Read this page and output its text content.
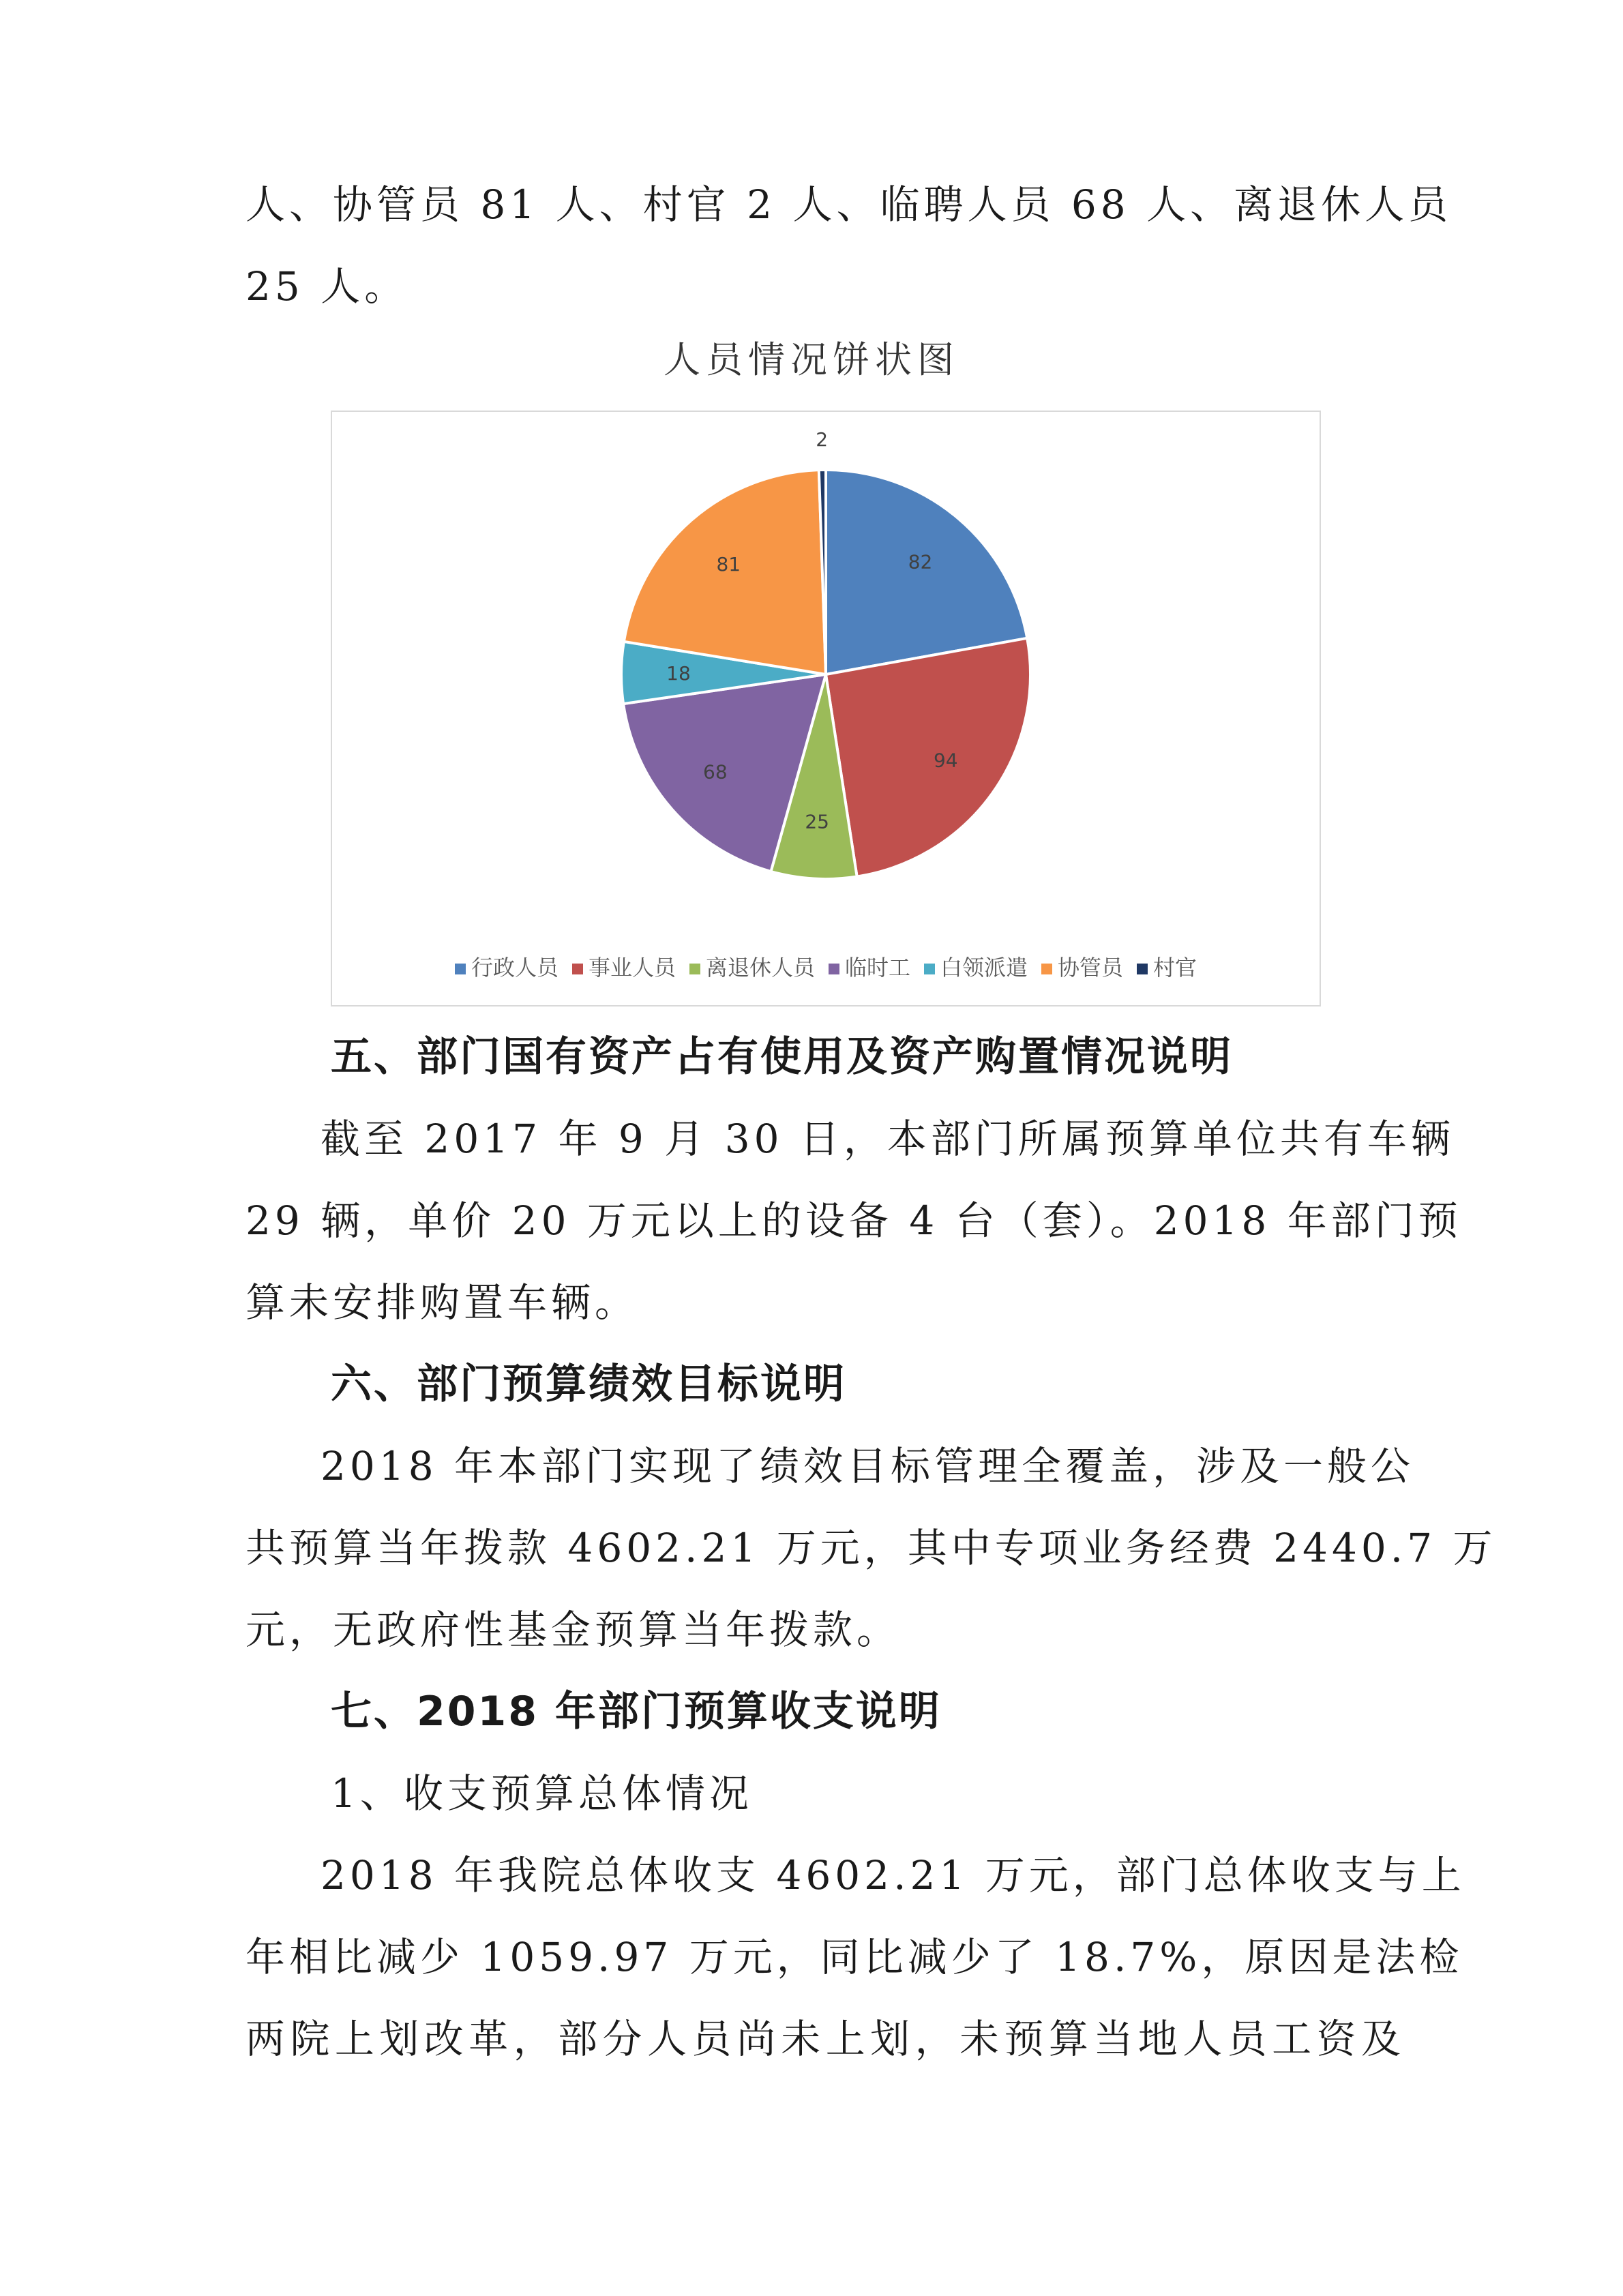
人、协管员 81 人、村官 2 人、临聘人员 68 人、离退休人员
25 人。
人员情况饼状图
82
94
25
68
18
81
2
行政人员 事业人员 离退休人员 临时工 白领派遣 协管员 村官

五、部门国有资产占有使用及资产购置情况说明

截至 2017 年 9 月 30 日，本部门所属预算单位共有车辆
29 辆，单价 20 万元以上的设备 4 台（套）。2018 年部门预
算未安排购置车辆。

六、部门预算绩效目标说明

2018 年本部门实现了绩效目标管理全覆盖，涉及一般公
共预算当年拨款 4602.21 万元，其中专项业务经费 2440.7 万
元，无政府性基金预算当年拨款。

七、2018 年部门预算收支说明

1、收支预算总体情况

2018 年我院总体收支 4602.21 万元，部门总体收支与上
年相比减少 1059.97 万元，同比减少了 18.7%，原因是法检
两院上划改革，部分人员尚未上划，未预算当地人员工资及
